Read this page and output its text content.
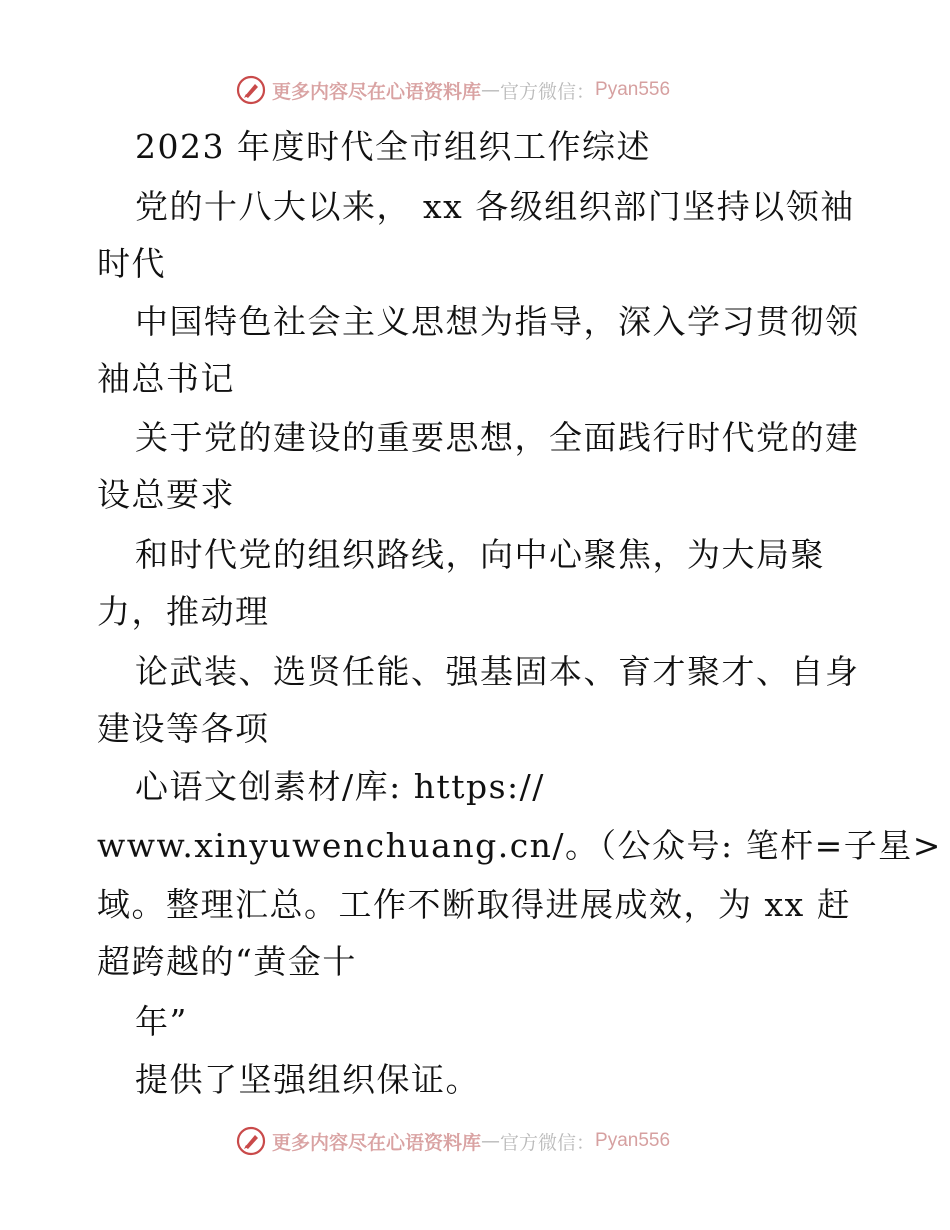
更多内容尽在心语资料库 — 官方微信： Pyan556
2023 年度时代全市组织工作综述
党的十八大以来， xx 各级组织部门坚持以领袖
时代
中国特色社会主义思想为指导，深入学习贯彻领
袖总书记
关于党的建设的重要思想，全面践行时代党的建
设总要求
和时代党的组织路线，向中心聚焦，为大局聚
力，推动理
论武装、选贤任能、强基固本、育才聚才、自身
建设等各项
心语文创素材/库: https://
www.xinyuwenchuang.cn/。（公众号: 笔杆=子星>
域。整理汇总。工作不断取得进展成效，为 xx 赶
超跨越的“黄金十
年”
提供了坚强组织保证。
更多内容尽在心语资料库 — 官方微信： Pyan556
